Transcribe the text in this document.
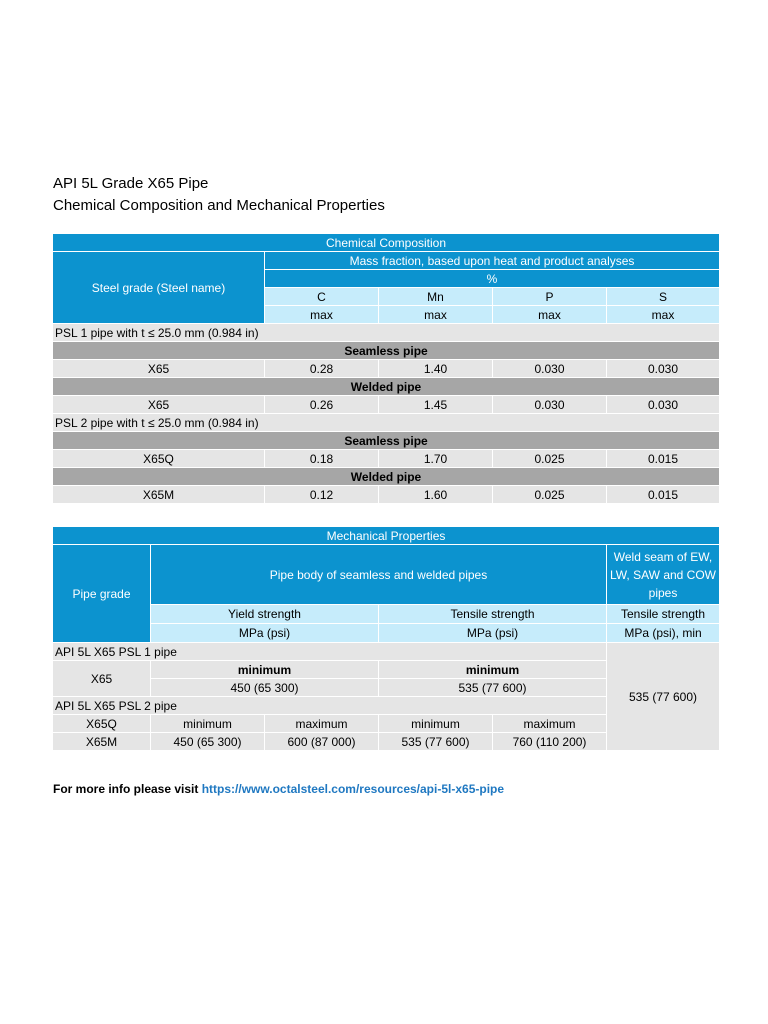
API 5L Grade X65 Pipe
Chemical Composition and Mechanical Properties
Chemical Composition				
Steel grade (Steel name)	Mass fraction, based upon heat and product analyses			
	%			
	C	Mn	P	S
	max	max	max	max
PSL 1 pipe with t ≤ 25.0 mm (0.984 in)				
Seamless pipe				
X65	0.28	1.40	0.030	0.030
Welded pipe				
X65	0.26	1.45	0.030	0.030
PSL 2 pipe with t ≤ 25.0 mm (0.984 in)				
Seamless pipe				
X65Q	0.18	1.70	0.025	0.015
Welded pipe				
X65M	0.12	1.60	0.025	0.015
Mechanical Properties					
Pipe grade	Pipe body of seamless and welded pipes				Weld seam of EW, LW, SAW and COW pipes
	Yield strength		Tensile strength		Tensile strength
	MPa (psi)		MPa (psi)		MPa (psi), min
API 5L X65 PSL 1 pipe					535 (77 600)
X65	minimum		minimum		
	450 (65 300)		535 (77 600)		
API 5L X65 PSL 2 pipe					
X65Q	minimum	maximum	minimum	maximum	
X65M	450 (65 300)	600 (87 000)	535 (77 600)	760 (110 200)	
For more info please visit https://www.octalsteel.com/resources/api-5l-x65-pipe
